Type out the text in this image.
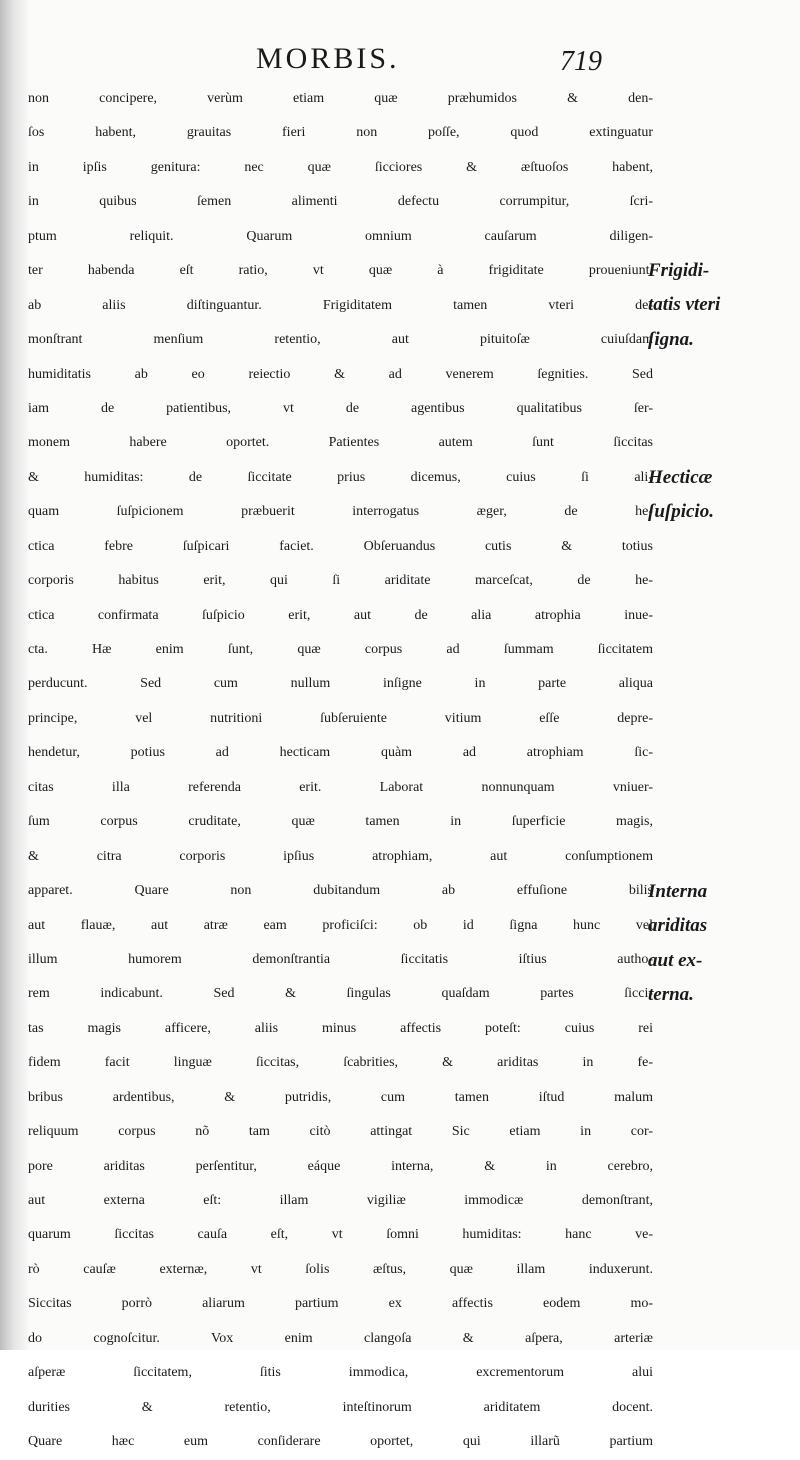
MORBIS.	719
non concipere, verùm etiam quæ præhumidos & den-
ſos habent, grauitas fieri non poſſe, quod extinguatur
in ipſis genitura: nec quæ ſicciores & æſtuoſos habent,
in quibus ſemen alimenti defectu corrumpitur, ſcri-
ptum reliquit. Quarum omnium cauſarum diligen-
ter habenda eſt ratio, vt quæ à frigiditate proueniunt,
ab aliis diſtinguantur. Frigiditatem tamen vteri de-
monſtrant menſium retentio, aut pituitoſæ cuiuſdam
humiditatis ab eo reiectio & ad venerem ſegnities. Sed
iam de patientibus, vt de agentibus qualitatibus ſer-
monem habere oportet. Patientes autem ſunt ſiccitas
& humiditas: de ſiccitate prius dicemus, cuius ſi ali-
quam ſuſpicionem præbuerit interrogatus æger, de he-
ctica febre ſuſpicari faciet. Obſeruandus cutis & totius
corporis habitus erit, qui ſi ariditate marceſcat, de he-
ctica confirmata ſuſpicio erit, aut de alia atrophia inue-
cta. Hæ enim ſunt, quæ corpus ad ſummam ſiccitatem
perducunt. Sed cum nullum inſigne in parte aliqua
principe, vel nutritioni ſubſeruiente vitium eſſe depre-
hendetur, potius ad hecticam quàm ad atrophiam ſic-
citas illa referenda erit. Laborat nonnunquam vniuer-
ſum corpus cruditate, quæ tamen in ſuperficie magis,
& citra corporis ipſius atrophiam, aut conſumptionem
apparet. Quare non dubitandum ab effuſione bilis
aut flauæ, aut atræ eam proficiſci: ob id ſigna hunc vel
illum humorem demonſtrantia ſiccitatis iſtius autho-
rem indicabunt. Sed & ſingulas quaſdam partes ſicci-
tas magis afficere, aliis minus affectis poteſt: cuius rei
fidem facit linguæ ſiccitas, ſcabrities, & ariditas in fe-
bribus ardentibus, & putridis, cum tamen iſtud malum
reliquum corpus nõ tam citò attingat Sic etiam in cor-
pore ariditas perſentitur, eáque interna, & in cerebro,
aut externa eſt: illam vigiliæ immodicæ demonſtrant,
quarum ſiccitas cauſa eſt, vt ſomni humiditas: hanc ve-
rò cauſæ externæ, vt ſolis æſtus, quæ illam induxerunt.
Siccitas porrò aliarum partium ex affectis eodem mo-
do cognoſcitur. Vox enim clangoſa & aſpera, arteriæ
aſperæ ſiccitatem, ſitis immodica, excrementorum alui
durities & retentio, inteſtinorum ariditatem docent.
Quare hæc eum conſiderare oportet, qui illarũ partium
Frigidi-
tatis vteri
ſigna.
Hecticæ
ſuſpicio.
Interna
ariditas
aut ex-
terna.
